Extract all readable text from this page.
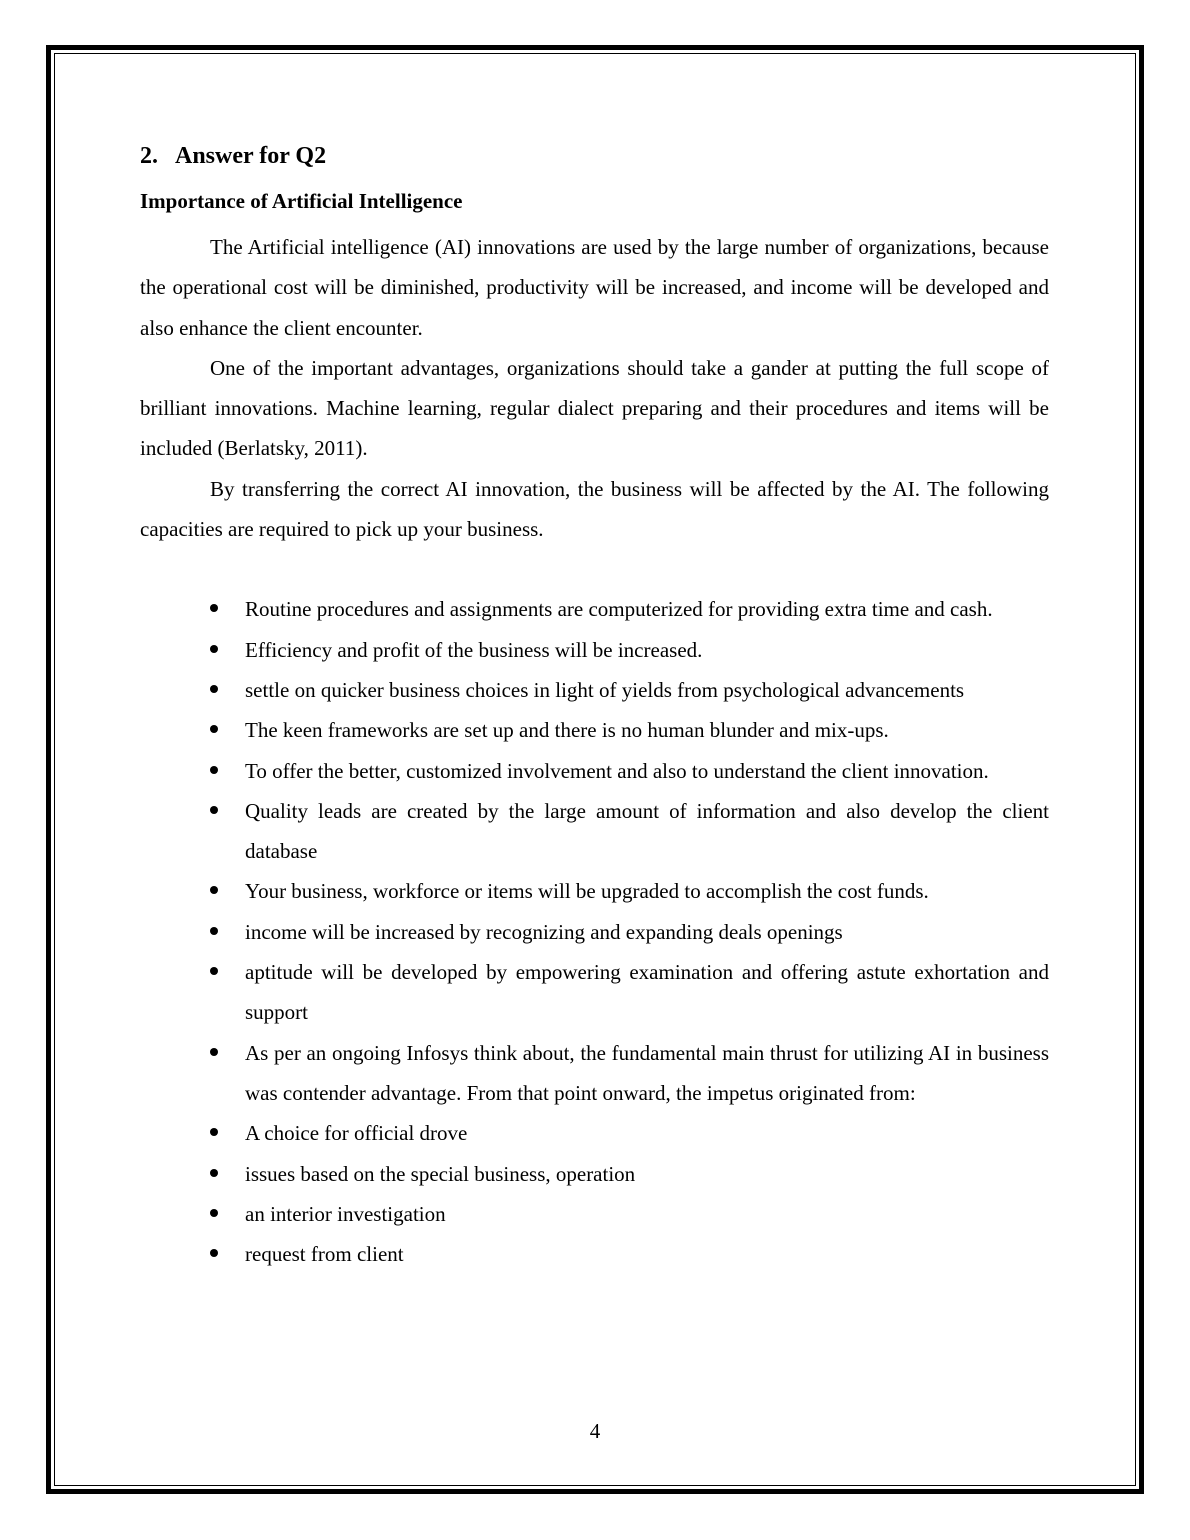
2. Answer for Q2
Importance of Artificial Intelligence

The Artificial intelligence (AI) innovations are used by the large number of organizations, because the operational cost will be diminished, productivity will be increased, and income will be developed and also enhance the client encounter.

One of the important advantages, organizations should take a gander at putting the full scope of brilliant innovations. Machine learning, regular dialect preparing and their procedures and items will be included (Berlatsky, 2011).

By transferring the correct AI innovation, the business will be affected by the AI. The following capacities are required to pick up your business.

Routine procedures and assignments are computerized for providing extra time and cash.
Efficiency and profit of the business will be increased.
settle on quicker business choices in light of yields from psychological advancements
The keen frameworks are set up and there is no human blunder and mix-ups.
To offer the better, customized involvement and also to understand the client innovation.
Quality leads are created by the large amount of information and also develop the client database
Your business, workforce or items will be upgraded to accomplish the cost funds.
income will be increased by recognizing and expanding deals openings
aptitude will be developed by empowering examination and offering astute exhortation and support
As per an ongoing Infosys think about, the fundamental main thrust for utilizing AI in business was contender advantage. From that point onward, the impetus originated from:
A choice for official drove
issues based on the special business, operation
an interior investigation
request from client
4
